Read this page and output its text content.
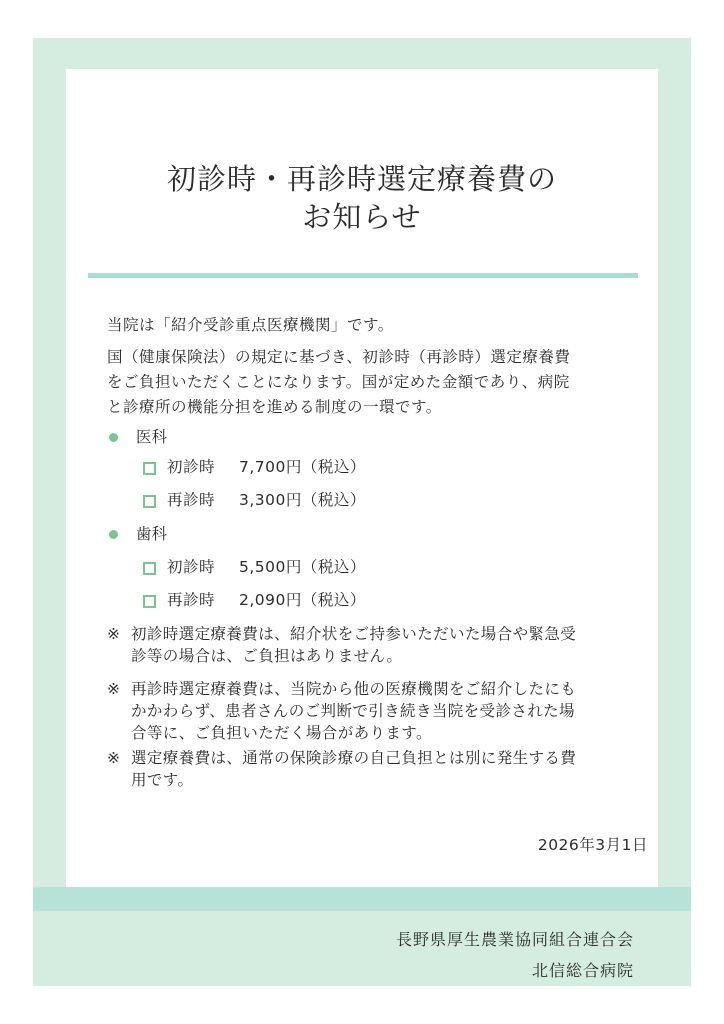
初診時・再診時選定療養費の
お知らせ
当院は「紹介受診重点医療機関」です。
国（健康保険法）の規定に基づき、初診時（再診時）選定療養費
をご負担いただくことになります。国が定めた金額であり、病院
と診療所の機能分担を進める制度の一環です。
医科
初診時 7,700円（税込）
再診時 3,300円（税込）
歯科
初診時 5,500円（税込）
再診時 2,090円（税込）
※ 初診時選定療養費は、紹介状をご持参いただいた場合や緊急受
診等の場合は、ご負担はありません。
※ 再診時選定療養費は、当院から他の医療機関をご紹介したにも
かかわらず、患者さんのご判断で引き続き当院を受診された場
合等に、ご負担いただく場合があります。
※ 選定療養費は、通常の保険診療の自己負担とは別に発生する費
用です。
2026年3月1日
長野県厚生農業協同組合連合会
北信総合病院
